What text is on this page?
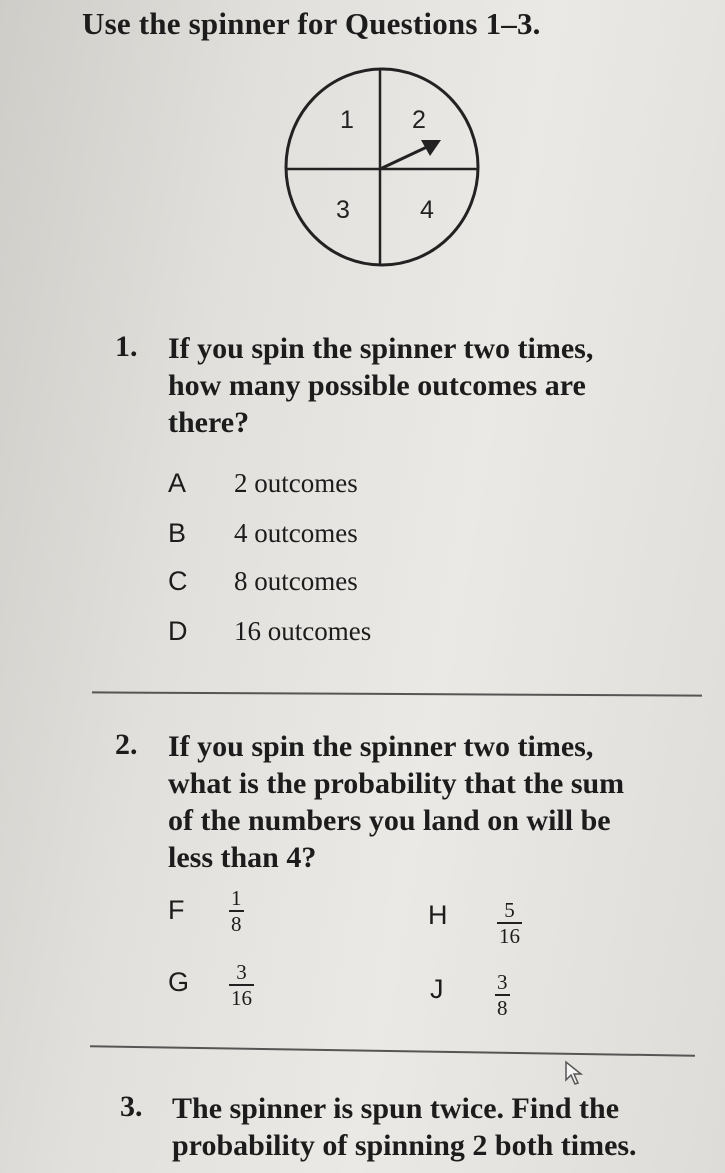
Use the spinner for Questions 1–3.
1 2
3	4
1. If you spin the spinner two times,
how many possible outcomes are
there?
A 2 outcomes
B 4 outcomes
C 8 outcomes
D 16 outcomes
2. If you spin the spinner two times,
what is the probability that the sum
of the numbers you land on will be
less than 4?
F $\frac{1}{8}$	H $\frac{5}{16}$
G $\frac{3}{16}$	J $\frac{3}{8}$
3. The spinner is spun twice. Find the
probability of spinning 2 both times.
